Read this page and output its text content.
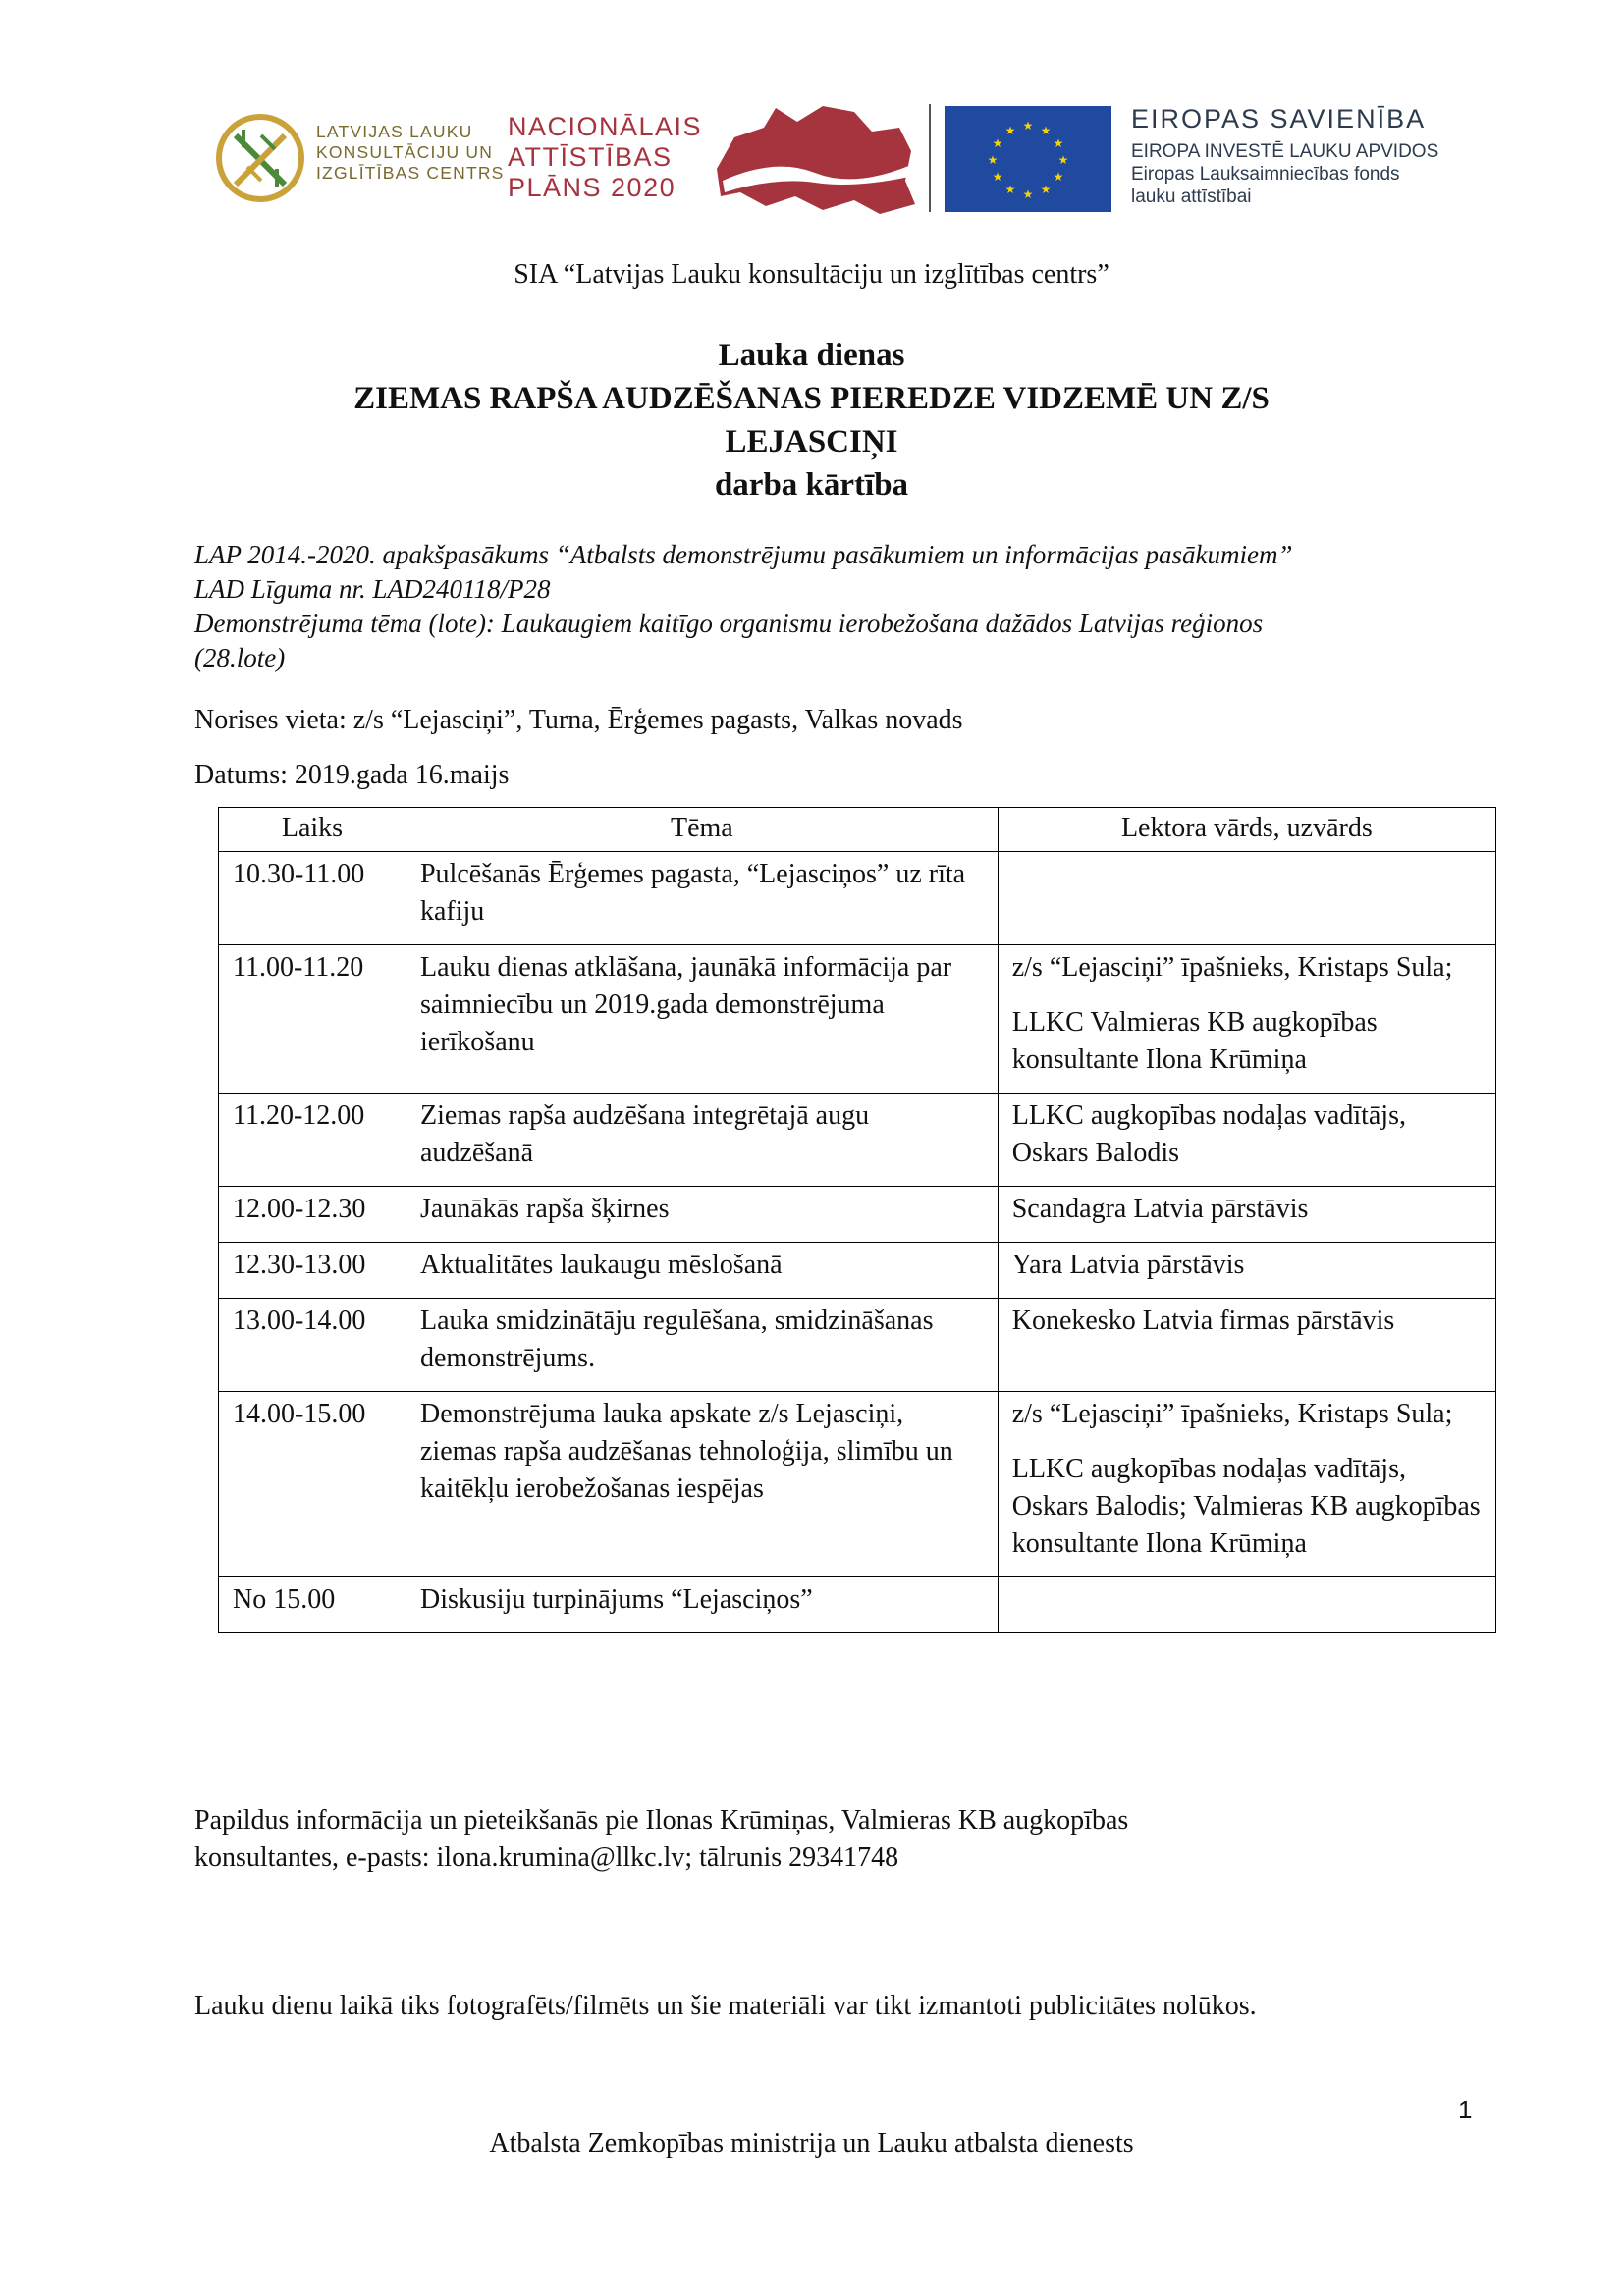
LATVIJAS LAUKU
KONSULTĀCIJU UN
IZGLĪTĪBAS CENTRS
NACIONĀLAIS
ATTĪSTĪBAS
PLĀNS 2020
★ ★
★
★
★
★
★
★
★
★
★
★	EIROPAS SAVIENĪBA
EIROPA INVESTĒ LAUKU APVIDOS
Eiropas Lauksaimniecības fonds
lauku attīstībai
SIA “Latvijas Lauku konsultāciju un izglītības centrs”
Lauka dienas
ZIEMAS RAPŠA AUDZĒŠANAS PIEREDZE VIDZEMĒ UN Z/S
LEJASCIŅI
darba kārtība
LAP 2014.-2020. apakšpasākums “Atbalsts demonstrējumu pasākumiem un informācijas pasākumiem”
LAD Līguma nr. LAD240118/P28
Demonstrējuma tēma (lote): Laukaugiem kaitīgo organismu ierobežošana dažādos Latvijas reģionos
(28.lote)
Norises vieta: z/s “Lejasciņi”, Turna, Ērģemes pagasts, Valkas novads
Datums: 2019.gada 16.maijs
Laiks	Tēma	Lektora vārds, uzvārds
10.30-11.00	Pulcēšanās Ērģemes pagasta, “Lejasciņos” uz rīta kafiju	
11.00-11.20	Lauku dienas atklāšana, jaunākā informācija par saimniecību un 2019.gada demonstrējuma ierīkošanu	z/s “Lejasciņi” īpašnieks, Kristaps Sula;
LLKC Valmieras KB augkopības konsultante Ilona Krūmiņa

11.20-12.00	Ziemas rapša audzēšana integrētajā augu audzēšanā	LLKC augkopības nodaļas vadītājs, Oskars Balodis

12.00-12.30	Jaunākās rapša šķirnes	Scandagra Latvia pārstāvis

12.30-13.00	Aktualitātes laukaugu mēslošanā	Yara Latvia pārstāvis

13.00-14.00	Lauka smidzinātāju regulēšana, smidzināšanas demonstrējums.	Konekesko Latvia firmas pārstāvis

14.00-15.00	Demonstrējuma lauka apskate z/s Lejasciņi, ziemas rapša audzēšanas tehnoloģija, slimību un kaitēkļu ierobežošanas iespējas	z/s “Lejasciņi” īpašnieks, Kristaps Sula;
LLKC augkopības nodaļas vadītājs, Oskars Balodis; Valmieras KB augkopības konsultante Ilona Krūmiņa

No 15.00	Diskusiju turpinājums “Lejasciņos”	
Papildus informācija un pieteikšanās pie Ilonas Krūmiņas, Valmieras KB augkopības
konsultantes, e-pasts: ilona.krumina@llkc.lv; tālrunis 29341748
Lauku dienu laikā tiks fotografēts/filmēts un šie materiāli var tikt izmantoti publicitātes nolūkos.
1
Atbalsta Zemkopības ministrija un Lauku atbalsta dienests
